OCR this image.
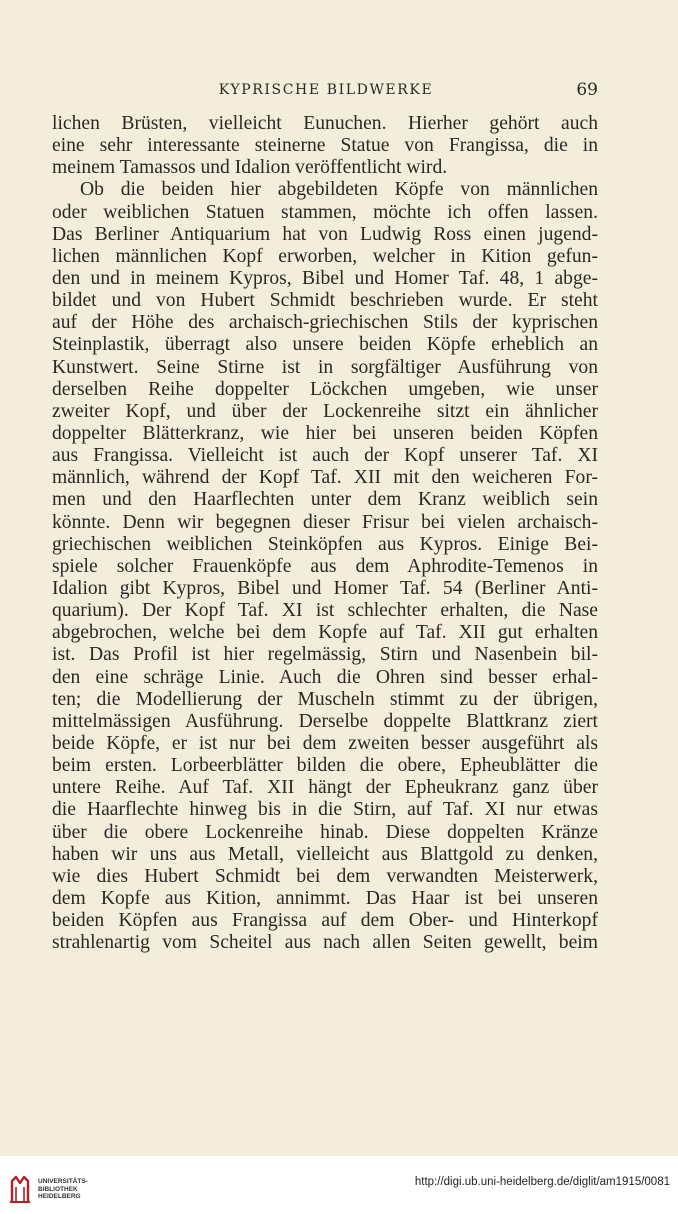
KYPRISCHE BILDWERKE	69
lichen Brüsten, vielleicht Eunuchen. Hierher gehört auch
eine sehr interessante steinerne Statue von Frangissa, die in
meinem Tamassos und Idalion veröffentlicht wird.
Ob die beiden hier abgebildeten Köpfe von männlichen
oder weiblichen Statuen stammen, möchte ich offen lassen.
Das Berliner Antiquarium hat von Ludwig Ross einen jugend-
lichen männlichen Kopf erworben, welcher in Kition gefun-
den und in meinem Kypros, Bibel und Homer Taf. 48, 1 abge-
bildet und von Hubert Schmidt beschrieben wurde. Er steht
auf der Höhe des archaisch-griechischen Stils der kyprischen
Steinplastik, überragt also unsere beiden Köpfe erheblich an
Kunstwert. Seine Stirne ist in sorgfältiger Ausführung von
derselben Reihe doppelter Löckchen umgeben, wie unser
zweiter Kopf, und über der Lockenreihe sitzt ein ähnlicher
doppelter Blätterkranz, wie hier bei unseren beiden Köpfen
aus Frangissa. Vielleicht ist auch der Kopf unserer Taf. XI
männlich, während der Kopf Taf. XII mit den weicheren For-
men und den Haarflechten unter dem Kranz weiblich sein
könnte. Denn wir begegnen dieser Frisur bei vielen archaisch-
griechischen weiblichen Steinköpfen aus Kypros. Einige Bei-
spiele solcher Frauenköpfe aus dem Aphrodite-Temenos in
Idalion gibt Kypros, Bibel und Homer Taf. 54 (Berliner Anti-
quarium). Der Kopf Taf. XI ist schlechter erhalten, die Nase
abgebrochen, welche bei dem Kopfe auf Taf. XII gut erhalten
ist. Das Profil ist hier regelmässig, Stirn und Nasenbein bil-
den eine schräge Linie. Auch die Ohren sind besser erhal-
ten; die Modellierung der Muscheln stimmt zu der übrigen,
mittelmässigen Ausführung. Derselbe doppelte Blattkranz ziert
beide Köpfe, er ist nur bei dem zweiten besser ausgeführt als
beim ersten. Lorbeerblätter bilden die obere, Epheublätter die
untere Reihe. Auf Taf. XII hängt der Epheukranz ganz über
die Haarflechte hinweg bis in die Stirn, auf Taf. XI nur etwas
über die obere Lockenreihe hinab. Diese doppelten Kränze
haben wir uns aus Metall, vielleicht aus Blattgold zu denken,
wie dies Hubert Schmidt bei dem verwandten Meisterwerk,
dem Kopfe aus Kition, annimmt. Das Haar ist bei unseren
beiden Köpfen aus Frangissa auf dem Ober- und Hinterkopf
strahlenartig vom Scheitel aus nach allen Seiten gewellt, beim
UNIVERSITÄTS-
BIBLIOTHEK
HEIDELBERG
http://digi.ub.uni-heidelberg.de/diglit/am1915/0081
